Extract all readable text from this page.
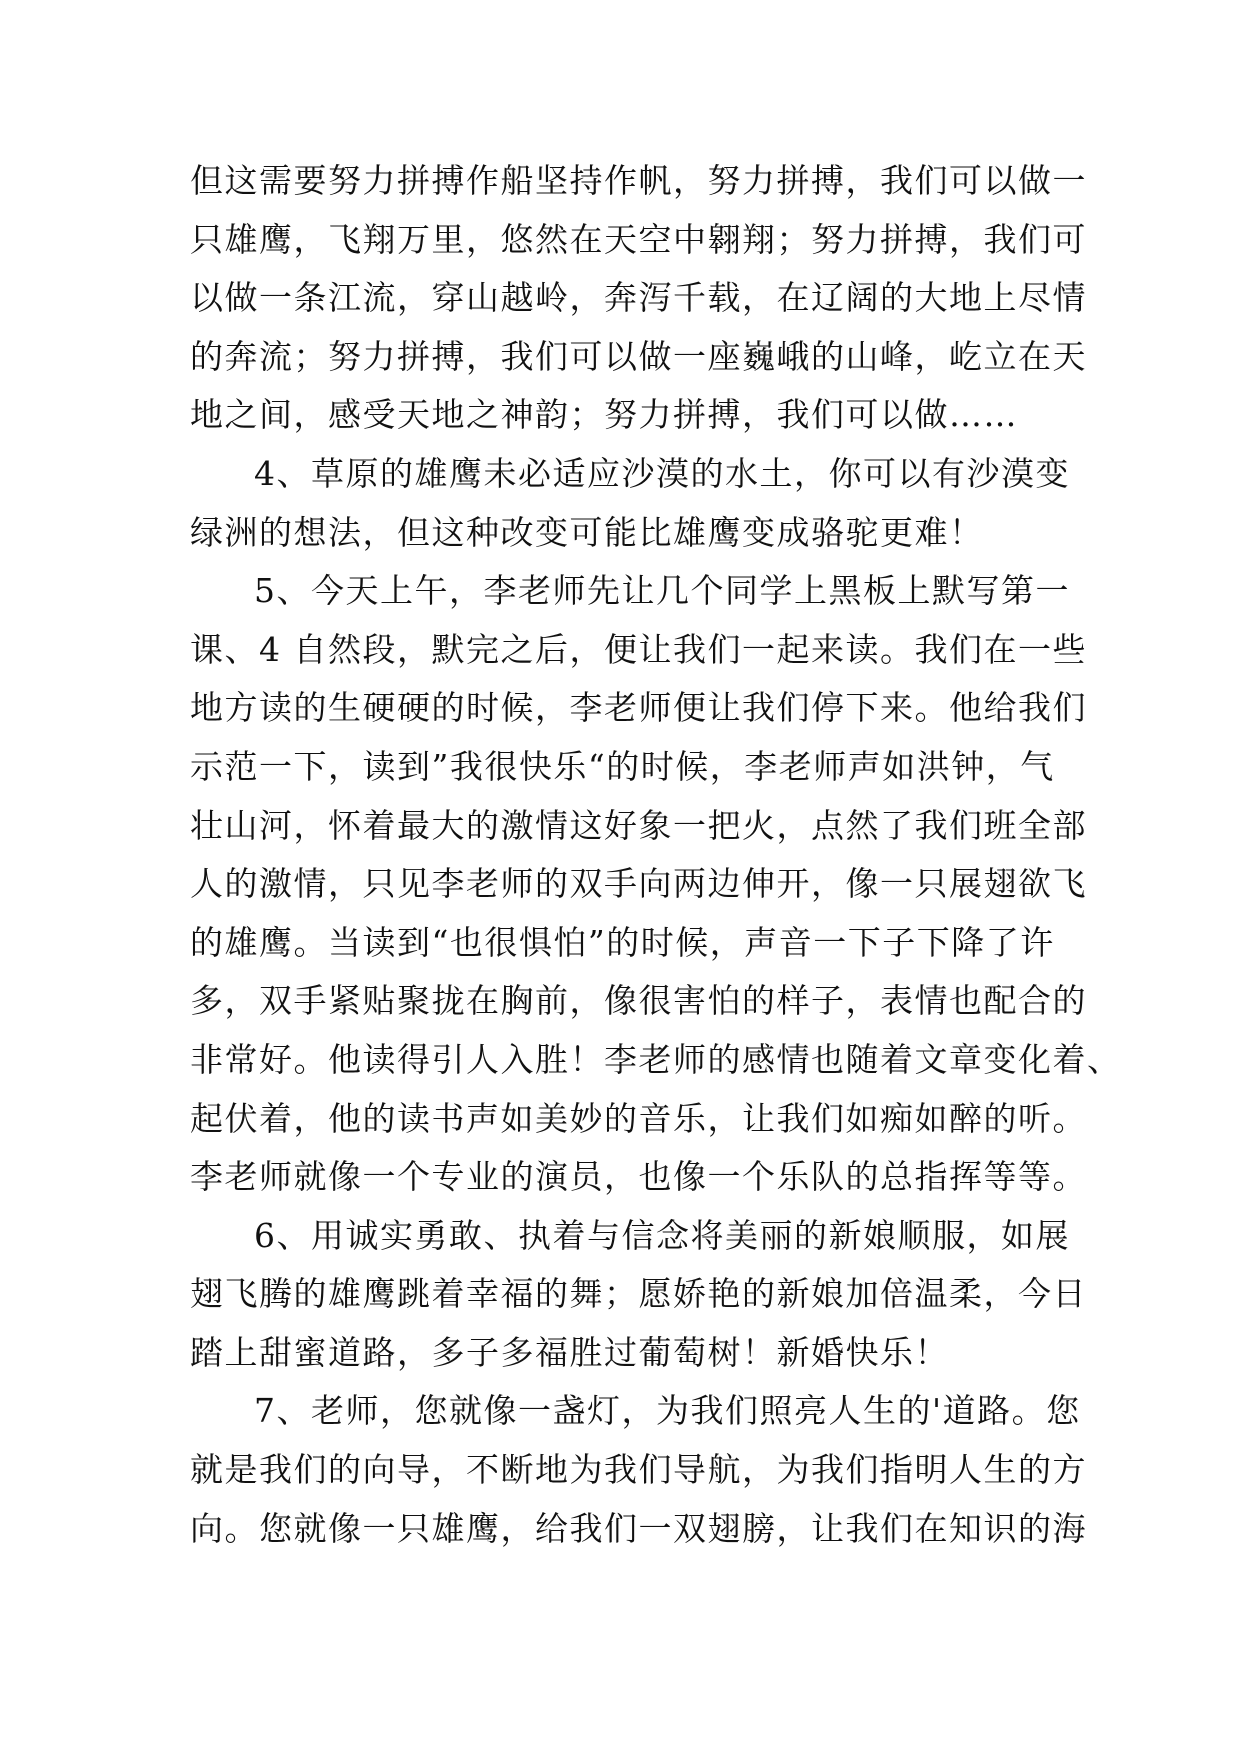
但这需要努力拼搏作船坚持作帆，努力拼搏，我们可以做一
只雄鹰，飞翔万里，悠然在天空中翱翔；努力拼搏，我们可
以做一条江流，穿山越岭，奔泻千载，在辽阔的大地上尽情
的奔流；努力拼搏，我们可以做一座巍峨的山峰，屹立在天
地之间，感受天地之神韵；努力拼搏，我们可以做……
4、草原的雄鹰未必适应沙漠的水土，你可以有沙漠变
绿洲的想法，但这种改变可能比雄鹰变成骆驼更难！
5、今天上午，李老师先让几个同学上黑板上默写第一
课、4 自然段，默完之后，便让我们一起来读。我们在一些
地方读的生硬硬的时候，李老师便让我们停下来。他给我们
示范一下，读到”我很快乐“的时候，李老师声如洪钟，气
壮山河，怀着最大的激情这好象一把火，点然了我们班全部
人的激情，只见李老师的双手向两边伸开，像一只展翅欲飞
的雄鹰。当读到“也很惧怕”的时候，声音一下子下降了许
多，双手紧贴聚拢在胸前，像很害怕的样子，表情也配合的
非常好。他读得引人入胜！李老师的感情也随着文章变化着、
起伏着，他的读书声如美妙的音乐，让我们如痴如醉的听。
李老师就像一个专业的演员，也像一个乐队的总指挥等等。
6、用诚实勇敢、执着与信念将美丽的新娘顺服，如展
翅飞腾的雄鹰跳着幸福的舞；愿娇艳的新娘加倍温柔，今日
踏上甜蜜道路，多子多福胜过葡萄树！新婚快乐！
7、老师，您就像一盏灯，为我们照亮人生的'道路。您
就是我们的向导，不断地为我们导航，为我们指明人生的方
向。您就像一只雄鹰，给我们一双翅膀，让我们在知识的海
